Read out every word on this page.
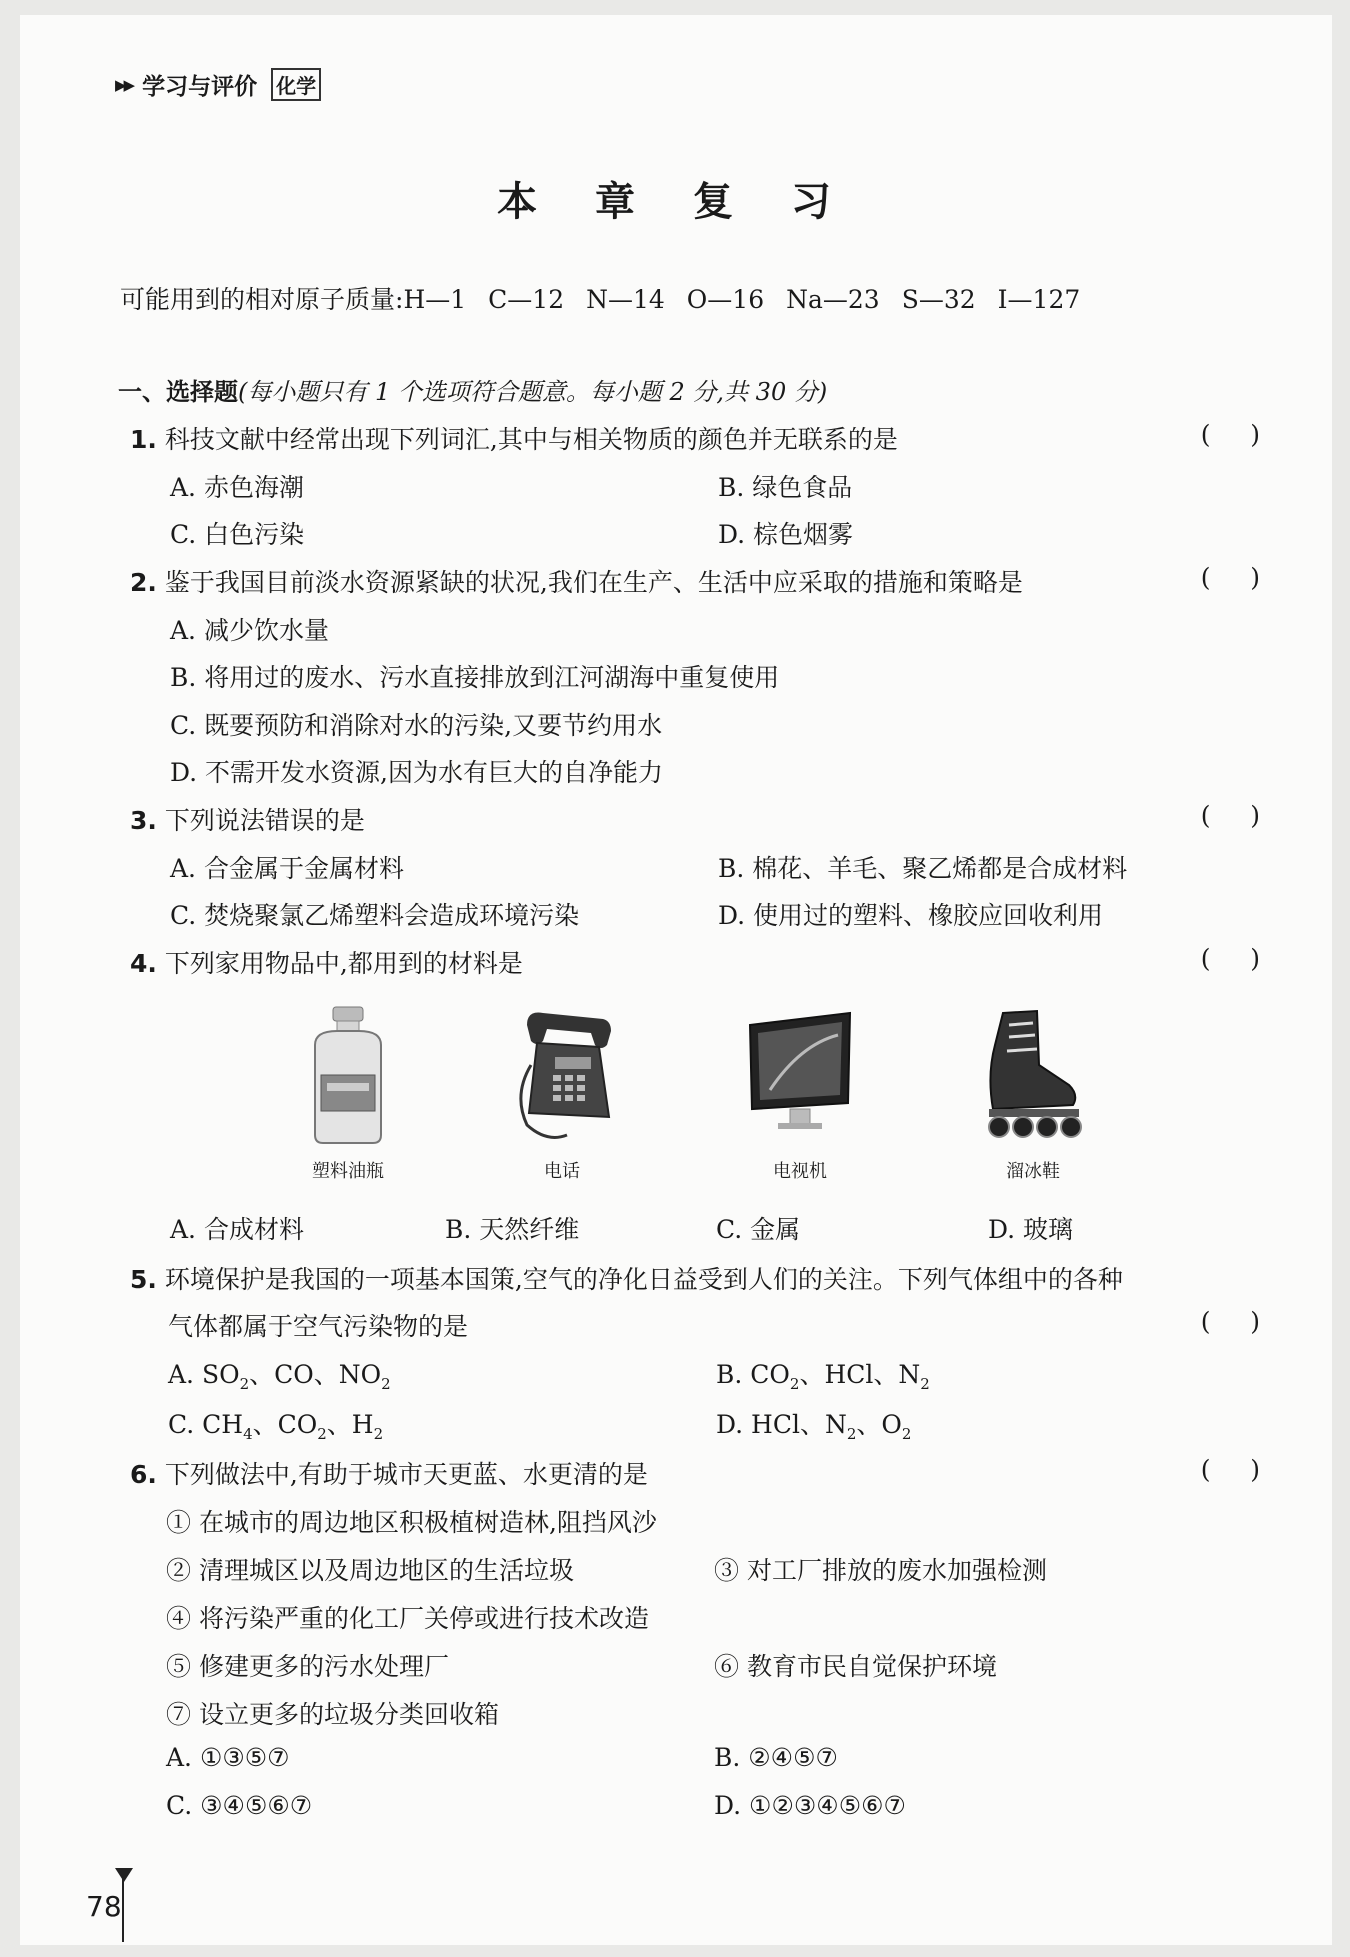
▶▶ 学习与评价 化学
本 章 复 习
可能用到的相对原子质量:H—1 C—12 N—14 O—16 Na—23 S—32 I—127
一、选择题(每小题只有 1 个选项符合题意。每小题 2 分,共 30 分)
1. 科技文献中经常出现下列词汇,其中与相关物质的颜色并无联系的是
(     )
A. 赤色海潮	B. 绿色食品
C. 白色污染	D. 棕色烟雾
2. 鉴于我国目前淡水资源紧缺的状况,我们在生产、生活中应采取的措施和策略是
(     )
A. 减少饮水量
B. 将用过的废水、污水直接排放到江河湖海中重复使用
C. 既要预防和消除对水的污染,又要节约用水
D. 不需开发水资源,因为水有巨大的自净能力
3. 下列说法错误的是
(     )
A. 合金属于金属材料	B. 棉花、羊毛、聚乙烯都是合成材料
C. 焚烧聚氯乙烯塑料会造成环境污染	D. 使用过的塑料、橡胶应回收利用
4. 下列家用物品中,都用到的材料是
(     )
塑料油瓶	电话	电视机	溜冰鞋
A. 合成材料	B. 天然纤维	C. 金属	D. 玻璃
5. 环境保护是我国的一项基本国策,空气的净化日益受到人们的关注。下列气体组中的各种
气体都属于空气污染物的是
(     )
A. $SO_2$、CO、$NO_2$	B. $CO_2$、HCl、$N_2$
C. $CH_4$、$CO_2$、$H_2$	D. HCl、$N_2$、$O_2$
6. 下列做法中,有助于城市天更蓝、水更清的是
(     )
① 在城市的周边地区积极植树造林,阻挡风沙
② 清理城区以及周边地区的生活垃圾	③ 对工厂排放的废水加强检测
④ 将污染严重的化工厂关停或进行技术改造
⑤ 修建更多的污水处理厂	⑥ 教育市民自觉保护环境
⑦ 设立更多的垃圾分类回收箱
A. ①③⑤⑦	B. ②④⑤⑦
C. ③④⑤⑥⑦	D. ①②③④⑤⑥⑦
78
